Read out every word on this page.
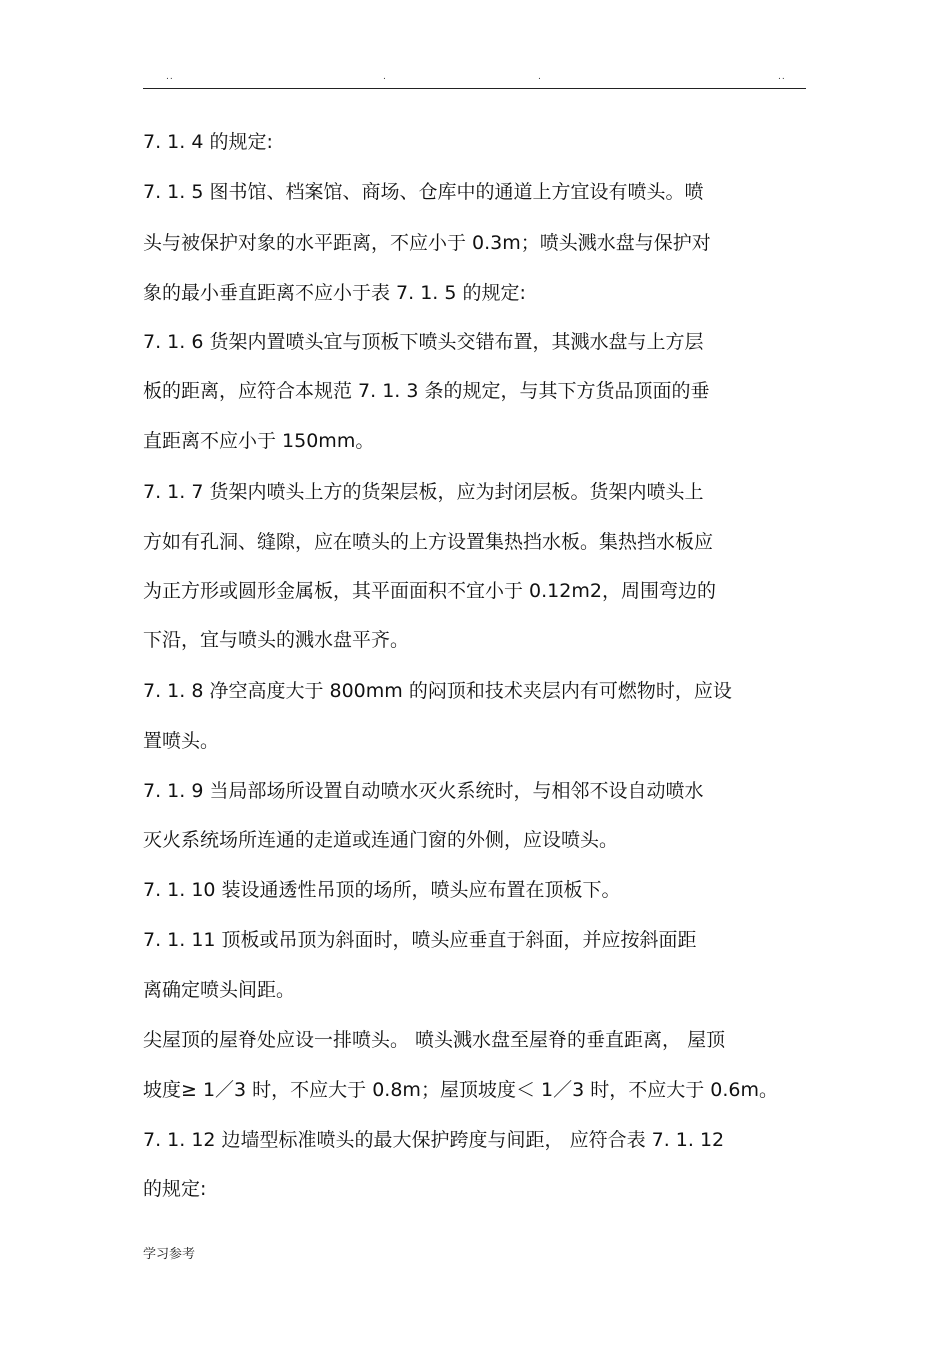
..	.	.	..
7. 1. 4 的规定:
7. 1. 5 图书馆、档案馆、商场、仓库中的通道上方宜设有喷头。喷
头与被保护对象的水平距离，不应小于 0.3m；喷头溅水盘与保护对
象的最小垂直距离不应小于表 7. 1. 5 的规定:
7. 1. 6 货架内置喷头宜与顶板下喷头交错布置，其溅水盘与上方层
板的距离，应符合本规范 7. 1. 3 条的规定，与其下方货品顶面的垂
直距离不应小于 150mm。
7. 1. 7 货架内喷头上方的货架层板，应为封闭层板。货架内喷头上
方如有孔洞、缝隙，应在喷头的上方设置集热挡水板。集热挡水板应
为正方形或圆形金属板，其平面面积不宜小于 0.12m2，周围弯边的
下沿，宜与喷头的溅水盘平齐。
7. 1. 8 净空高度大于 800mm 的闷顶和技术夹层内有可燃物时，应设
置喷头。
7. 1. 9 当局部场所设置自动喷水灭火系统时，与相邻不设自动喷水
灭火系统场所连通的走道或连通门窗的外侧，应设喷头。
7. 1. 10 装设通透性吊顶的场所，喷头应布置在顶板下。
7. 1. 11 顶板或吊顶为斜面时，喷头应垂直于斜面，并应按斜面距
离确定喷头间距。
尖屋顶的屋脊处应设一排喷头。 喷头溅水盘至屋脊的垂直距离， 屋顶
坡度≥ 1／3 时，不应大于 0.8m；屋顶坡度＜ 1／3 时，不应大于 0.6m。
7. 1. 12 边墙型标准喷头的最大保护跨度与间距， 应符合表 7. 1. 12
的规定:
学习参考
